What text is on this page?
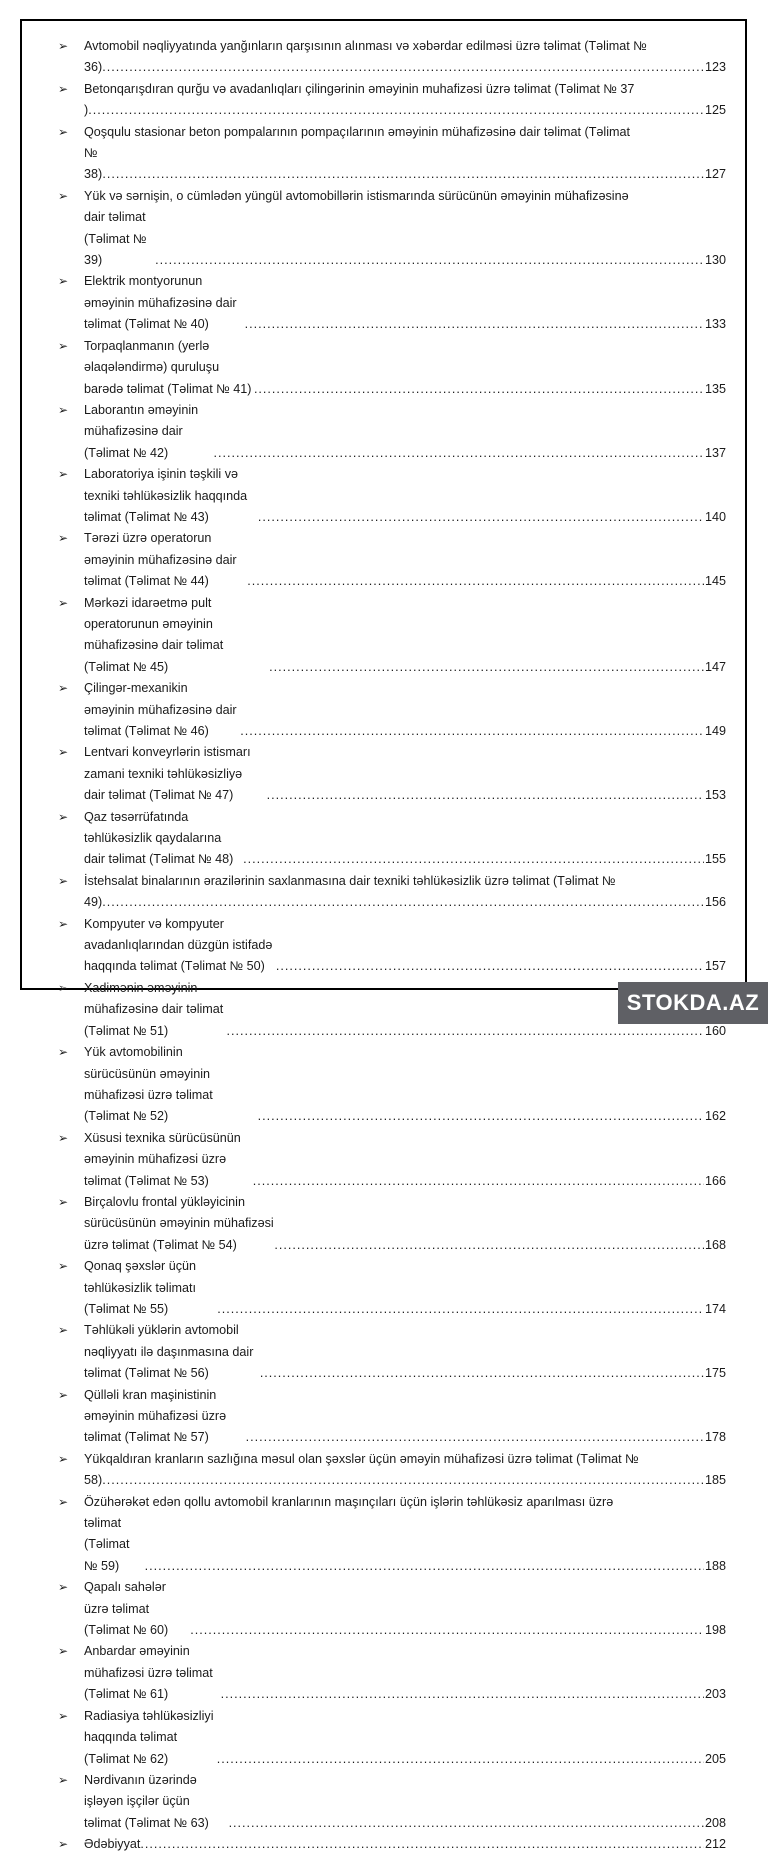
➢ Avtomobil nəqliyyatında yanğınların qarşısının alınması və xəbərdar edilməsi üzrə təlimat (Təlimat №
36) .....	123
➢ Betonqarışdıran qurğu və avadanlıqları çilingərinin əməyinin muhafizəsi üzrə təlimat (Təlimat № 37
) .....	125
➢ Qoşqulu stasionar beton pompalarının pompaçılarının əməyinin mühafizəsinə dair təlimat (Təlimat
№ 38) .....	127
➢ Yük və sərnişin, o cümlədən yüngül avtomobillərin istismarında sürücünün əməyinin mühafizəsinə
dair təlimat (Təlimat № 39) .....	130
➢ Elektrik montyorunun əməyinin mühafizəsinə dair təlimat (Təlimat № 40) .....	133
➢ Torpaqlanmanın (yerlə əlaqələndirmə) quruluşu barədə təlimat (Təlimat № 41) .....	135
➢ Laborantın əməyinin mühafizəsinə dair (Təlimat № 42) .....	137
➢ Laboratoriya işinin təşkili və texniki təhlükəsizlik haqqında təlimat (Təlimat № 43) .....	140
➢ Tərəzi üzrə operatorun əməyinin mühafizəsinə dair təlimat (Təlimat № 44) .....	145
➢ Mərkəzi idarəetmə pult operatorunun əməyinin mühafizəsinə dair təlimat (Təlimat № 45) .....	147
➢ Çilingər-mexanikin əməyinin mühafizəsinə dair təlimat (Təlimat № 46) .....	149
➢ Lentvari konveyrlərin istismarı zamani texniki təhlükəsizliyə dair təlimat (Təlimat № 47) .....	153
➢ Qaz təsərrüfatında təhlükəsizlik qaydalarına dair təlimat (Təlimat № 48) .....	155
➢ İstehsalat binalarının ərazilərinin saxlanmasına dair texniki təhlükəsizlik üzrə təlimat (Təlimat №
49) .....	156
➢ Kompyuter və kompyuter avadanlıqlarından düzgün istifadə haqqında təlimat (Təlimat № 50) .....	157
➢ Xadimənin əməyinin mühafizəsinə dair təlimat (Təlimat № 51) .....	160
➢ Yük avtomobilinin sürücüsünün əməyinin mühafizəsi üzrə təlimat (Təlimat № 52) .....	162
➢ Xüsusi texnika sürücüsünün əməyinin mühafizəsi üzrə təlimat (Təlimat № 53) .....	166
➢ Birçalovlu frontal yükləyicinin sürücüsünün əməyinin mühafizəsi üzrə təlimat (Təlimat № 54) .....	168
➢ Qonaq şəxslər üçün təhlükəsizlik təlimatı (Təlimat № 55) .....	174
➢ Təhlükəli yüklərin avtomobil nəqliyyatı ilə daşınmasına dair təlimat (Təlimat № 56) .....	175
➢ Qülləli kran maşinistinin əməyinin mühafizəsi üzrə təlimat (Təlimat № 57) .....	178
➢ Yükqaldıran kranların sazlığına məsul olan şəxslər üçün əməyin mühafizəsi üzrə təlimat (Təlimat №
58) .....	185
➢ Özühərəkət edən qollu avtomobil kranlarının maşınçıları üçün işlərin təhlükəsiz aparılması üzrə
təlimat (Təlimat № 59) .....	188
➢ Qapalı sahələr üzrə təlimat (Təlimat № 60) .....	198
➢ Anbardar əməyinin mühafizəsi üzrə təlimat (Təlimat № 61) .....	203
➢ Radiasiya təhlükəsizliyi haqqında təlimat (Təlimat № 62) .....	205
➢ Nərdivanın üzərində işləyən işçilər üçün təlimat (Təlimat № 63) .....	208
➢ Ədəbiyyat .....	212
STOKDA.AZ
